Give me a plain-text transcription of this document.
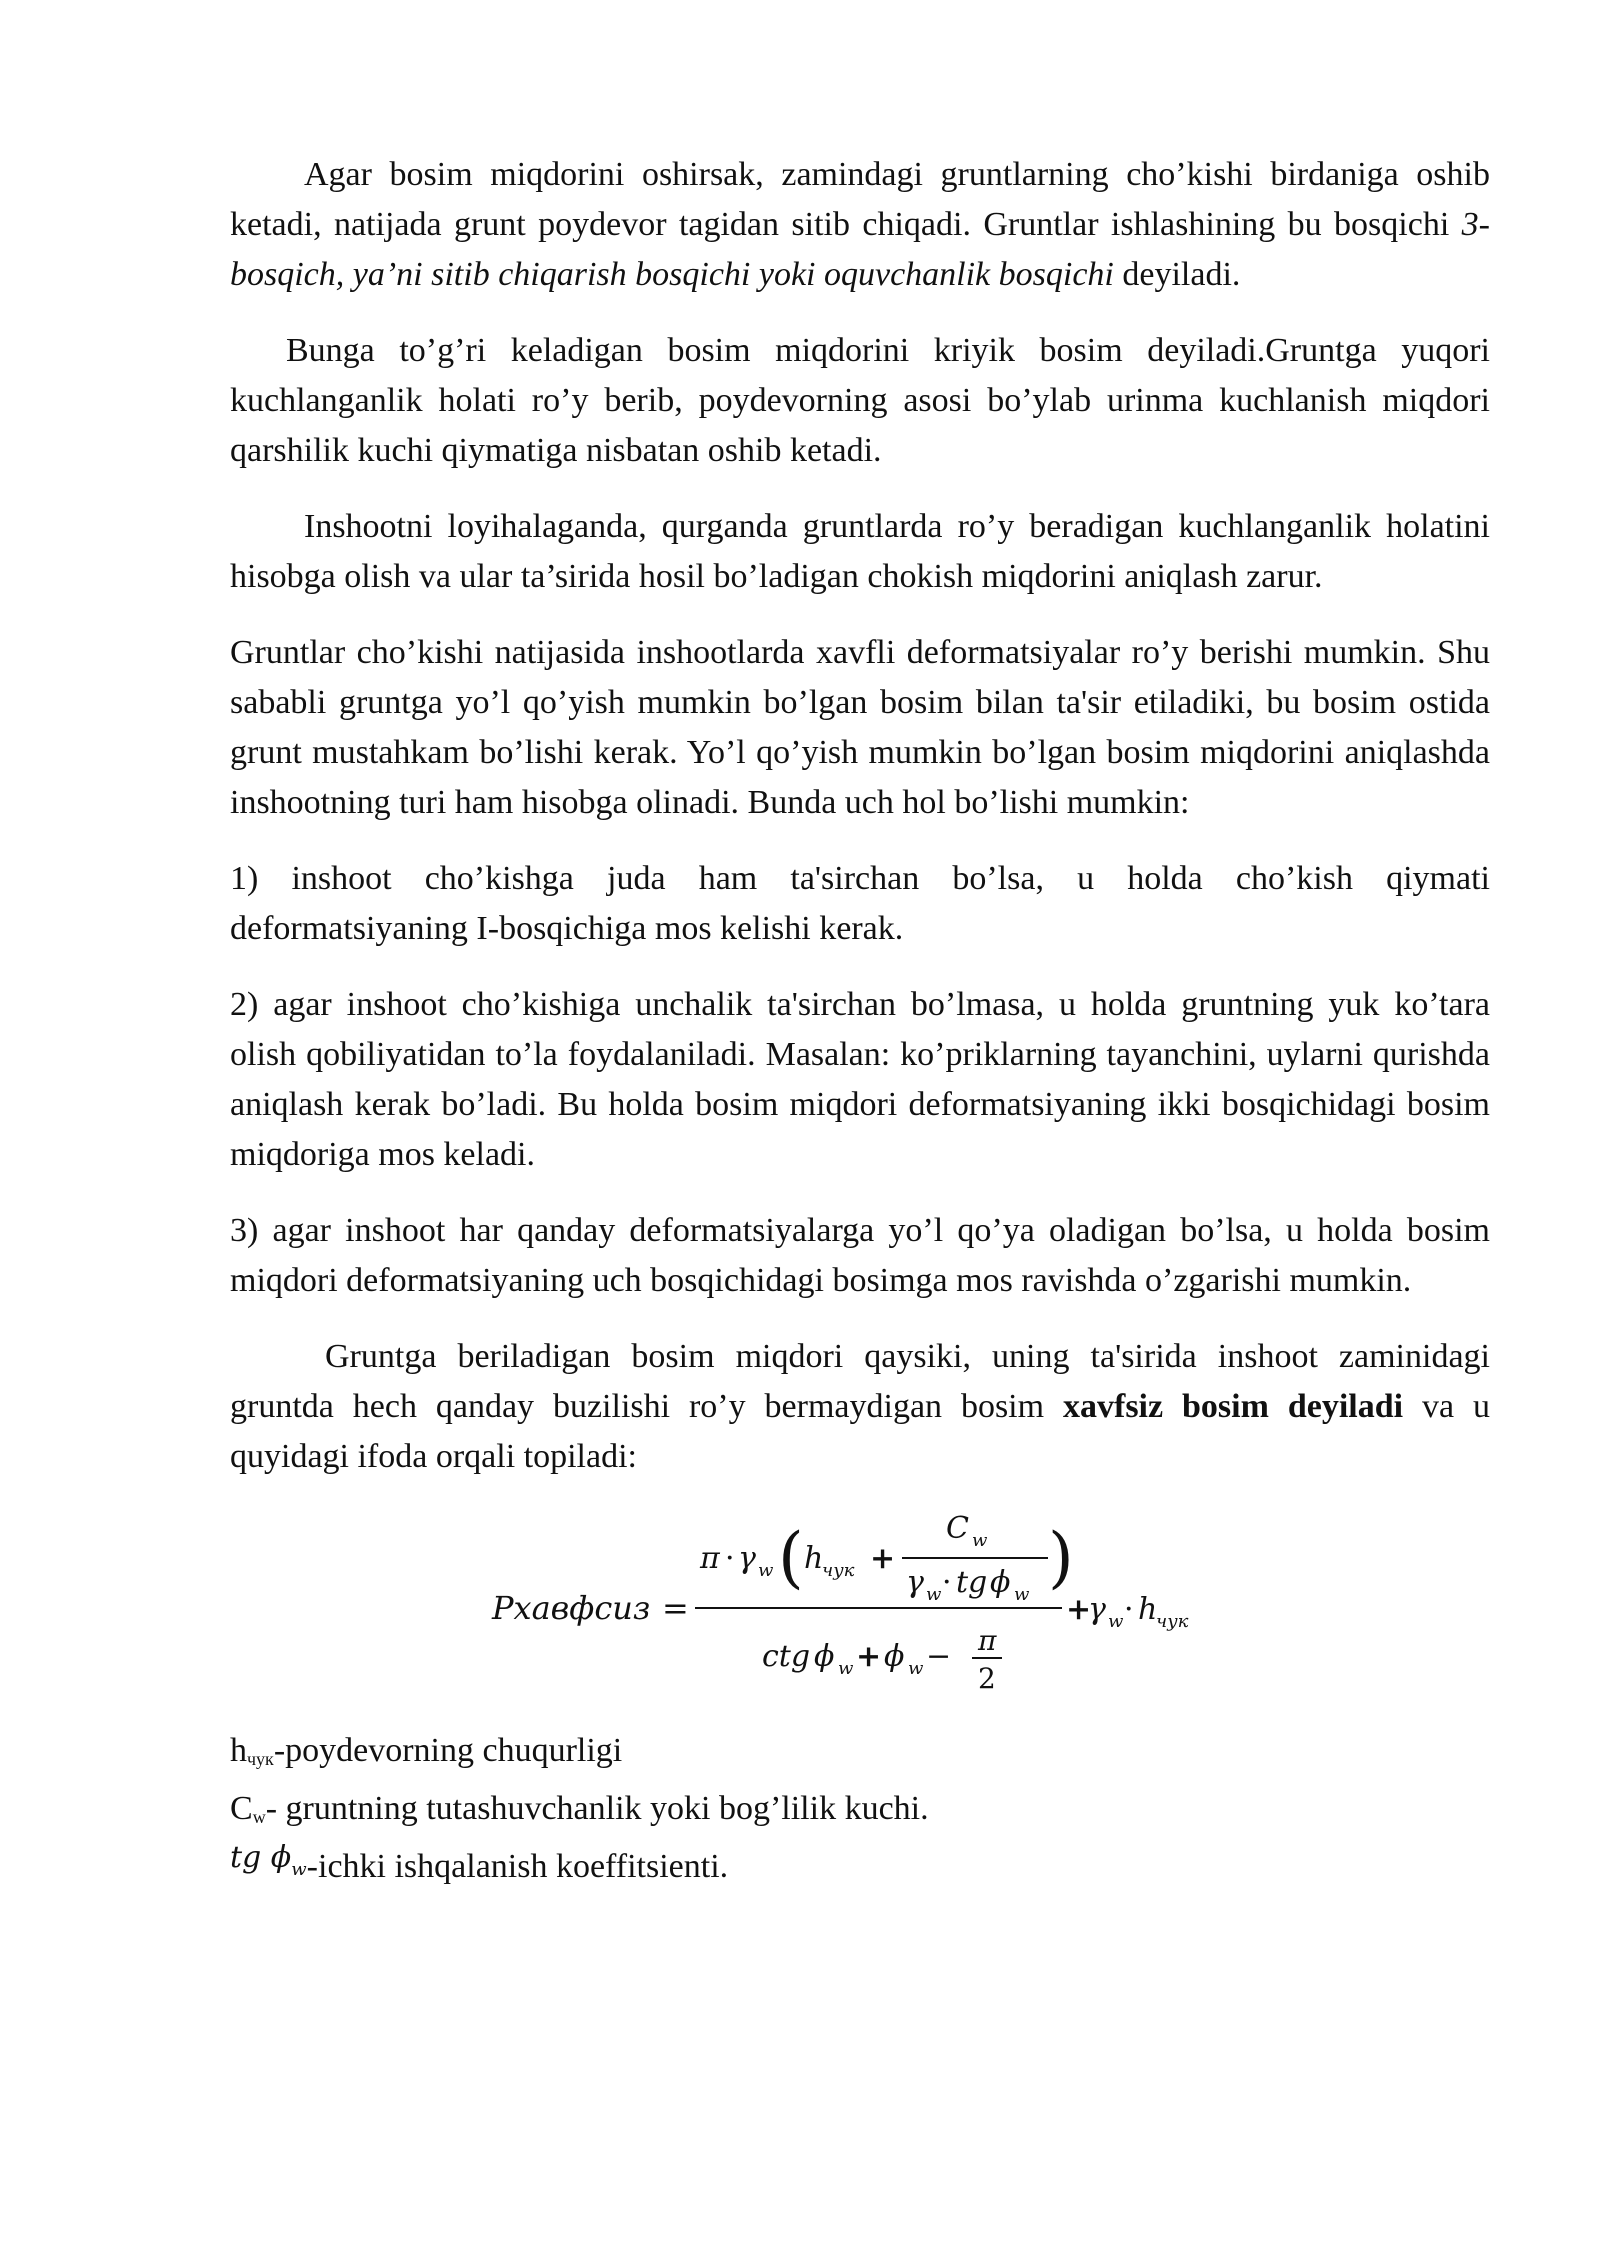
Agar bosim miqdorini oshirsak, zamindagi gruntlarning cho’kishi birdaniga oshib ketadi, natijada grunt poydevor tagidan sitib chiqadi. Gruntlar ishlashining bu bosqichi 3- bosqich, ya’ni sitib chiqarish bosqichi yoki oquvchanlik bosqichi deyiladi.

Bunga to’g’ri keladigan bosim miqdorini kriyik bosim deyiladi.Gruntga yuqori kuchlanganlik holati ro’y berib, poydevorning asosi bo’ylab urinma kuchlanish miqdori qarshilik kuchi qiymatiga nisbatan oshib ketadi.

Inshootni loyihalaganda, qurganda gruntlarda ro’y beradigan kuchlanganlik holatini hisobga olish va ular ta’sirida hosil bo’ladigan chokish miqdorini aniqlash zarur.

Gruntlar cho’kishi natijasida inshootlarda xavfli deformatsiyalar ro’y berishi mumkin. Shu sababli gruntga yo’l qo’yish mumkin bo’lgan bosim bilan ta'sir etiladiki, bu bosim ostida grunt mustahkam bo’lishi kerak. Yo’l qo’yish mumkin bo’lgan bosim miqdorini aniqlashda inshootning turi ham hisobga olinadi. Bunda uch hol bo’lishi mumkin:

1) inshoot cho’kishga juda ham ta'sirchan bo’lsa, u holda cho’kish qiymati deformatsiyaning I-bosqichiga mos kelishi kerak.

2) agar inshoot cho’kishiga unchalik ta'sirchan bo’lmasa, u holda gruntning yuk ko’tara olish qobiliyatidan to’la foydalaniladi. Masalan: ko’priklarning tayanchini, uylarni qurishda aniqlash kerak bo’ladi. Bu holda bosim miqdori deformatsiyaning ikki bosqichidagi bosim miqdoriga mos keladi.

3) agar inshoot har qanday deformatsiyalarga yo’l qo’ya oladigan bo’lsa, u holda bosim miqdori deformatsiyaning uch bosqichidagi bosimga mos ravishda o’zgarishi mumkin.

Gruntga beriladigan bosim miqdori qaysiki, uning ta'sirida inshoot zaminidagi gruntda hech qanday buzilishi ro’y bermaydigan bosim xavfsiz bosim deyiladi va u quyidagi ifoda orqali topiladi:

Pxавфсиз =
π · γ w ( h
чук +
C w
γ w · tg ϕ w )
ctg ϕ w + ϕ w − π
2
+
γ w · h
чук

$h_{чук}$-poydevorning chuqurligi

$C_w-$ gruntning tutashuvchanlik yoki bog’lilik kuchi.

tg ϕw-ichki ishqalanish koeffitsienti.
